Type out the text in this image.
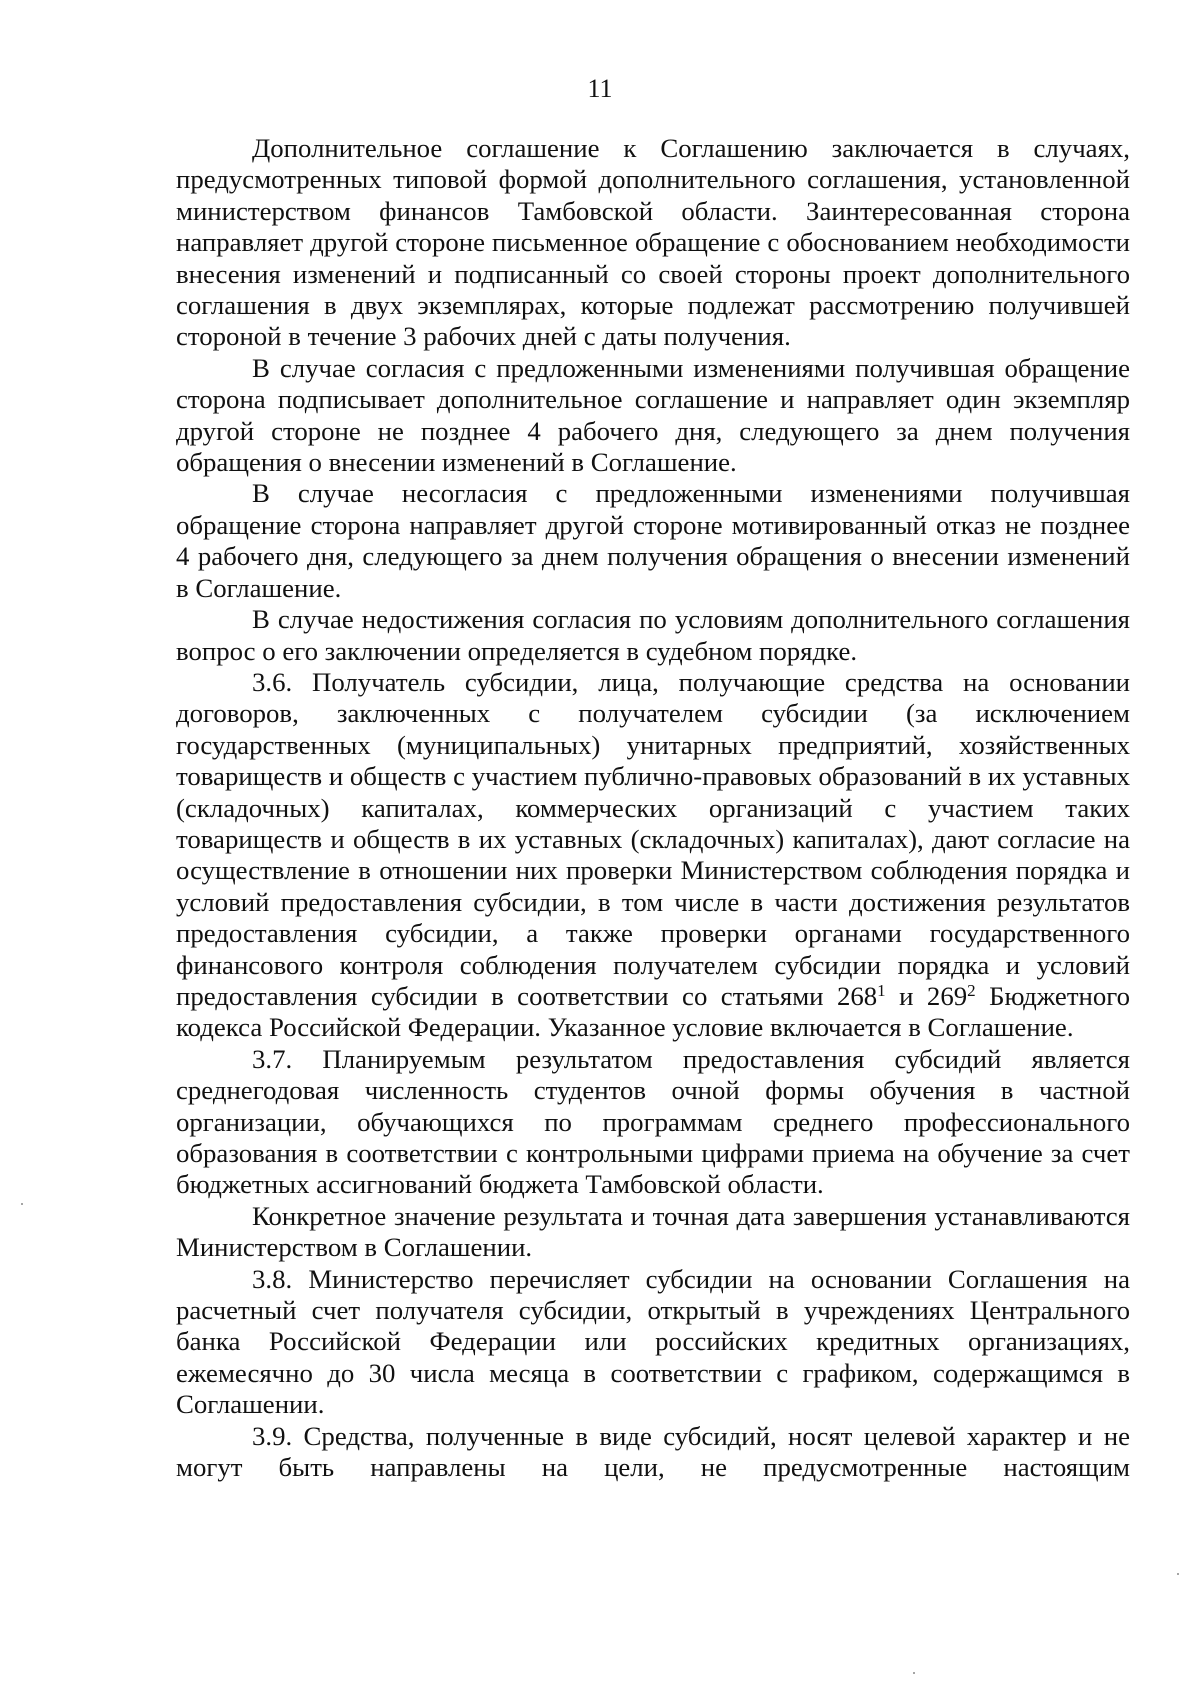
11

Дополнительное соглашение к Соглашению заключается в случаях, предусмотренных типовой формой дополнительного соглашения, установленной министерством финансов Тамбовской области. Заинтересованная сторона направляет другой стороне письменное обращение с обоснованием необходимости внесения изменений и подписанный со своей стороны проект дополнительного соглашения в двух экземплярах, которые подлежат рассмотрению получившей стороной в течение 3 рабочих дней с даты получения.

В случае согласия с предложенными изменениями получившая обращение сторона подписывает дополнительное соглашение и направляет один экземпляр другой стороне не позднее 4 рабочего дня, следующего за днем получения обращения о внесении изменений в Соглашение.

В случае несогласия с предложенными изменениями получившая обращение сторона направляет другой стороне мотивированный отказ не позднее 4 рабочего дня, следующего за днем получения обращения о внесении изменений в Соглашение.

В случае недостижения согласия по условиям дополнительного соглашения вопрос о его заключении определяется в судебном порядке.

3.6. Получатель субсидии, лица, получающие средства на основании договоров, заключенных с получателем субсидии (за исключением государственных (муниципальных) унитарных предприятий, хозяйственных товариществ и обществ с участием публично-правовых образований в их уставных (складочных) капиталах, коммерческих организаций с участием таких товариществ и обществ в их уставных (складочных) капиталах), дают согласие на осуществление в отношении них проверки Министерством соблюдения порядка и условий предоставления субсидии, в том числе в части достижения результатов предоставления субсидии, а также проверки органами государственного финансового контроля соблюдения получателем субсидии порядка и условий предоставления субсидии в соответствии со статьями $268^1$ и $269^2$ Бюджетного кодекса Российской Федерации. Указанное условие включается в Соглашение.

3.7. Планируемым результатом предоставления субсидий является среднегодовая численность студентов очной формы обучения в частной организации, обучающихся по программам среднего профессионального образования в соответствии с контрольными цифрами приема на обучение за счет бюджетных ассигнований бюджета Тамбовской области.

Конкретное значение результата и точная дата завершения устанавливаются Министерством в Соглашении.

3.8. Министерство перечисляет субсидии на основании Соглашения на расчетный счет получателя субсидии, открытый в учреждениях Центрального банка Российской Федерации или российских кредитных организациях, ежемесячно до 30 числа месяца в соответствии с графиком, содержащимся в Соглашении.

3.9. Средства, полученные в виде субсидий, носят целевой характер и не могут быть направлены на цели, не предусмотренные настоящим
